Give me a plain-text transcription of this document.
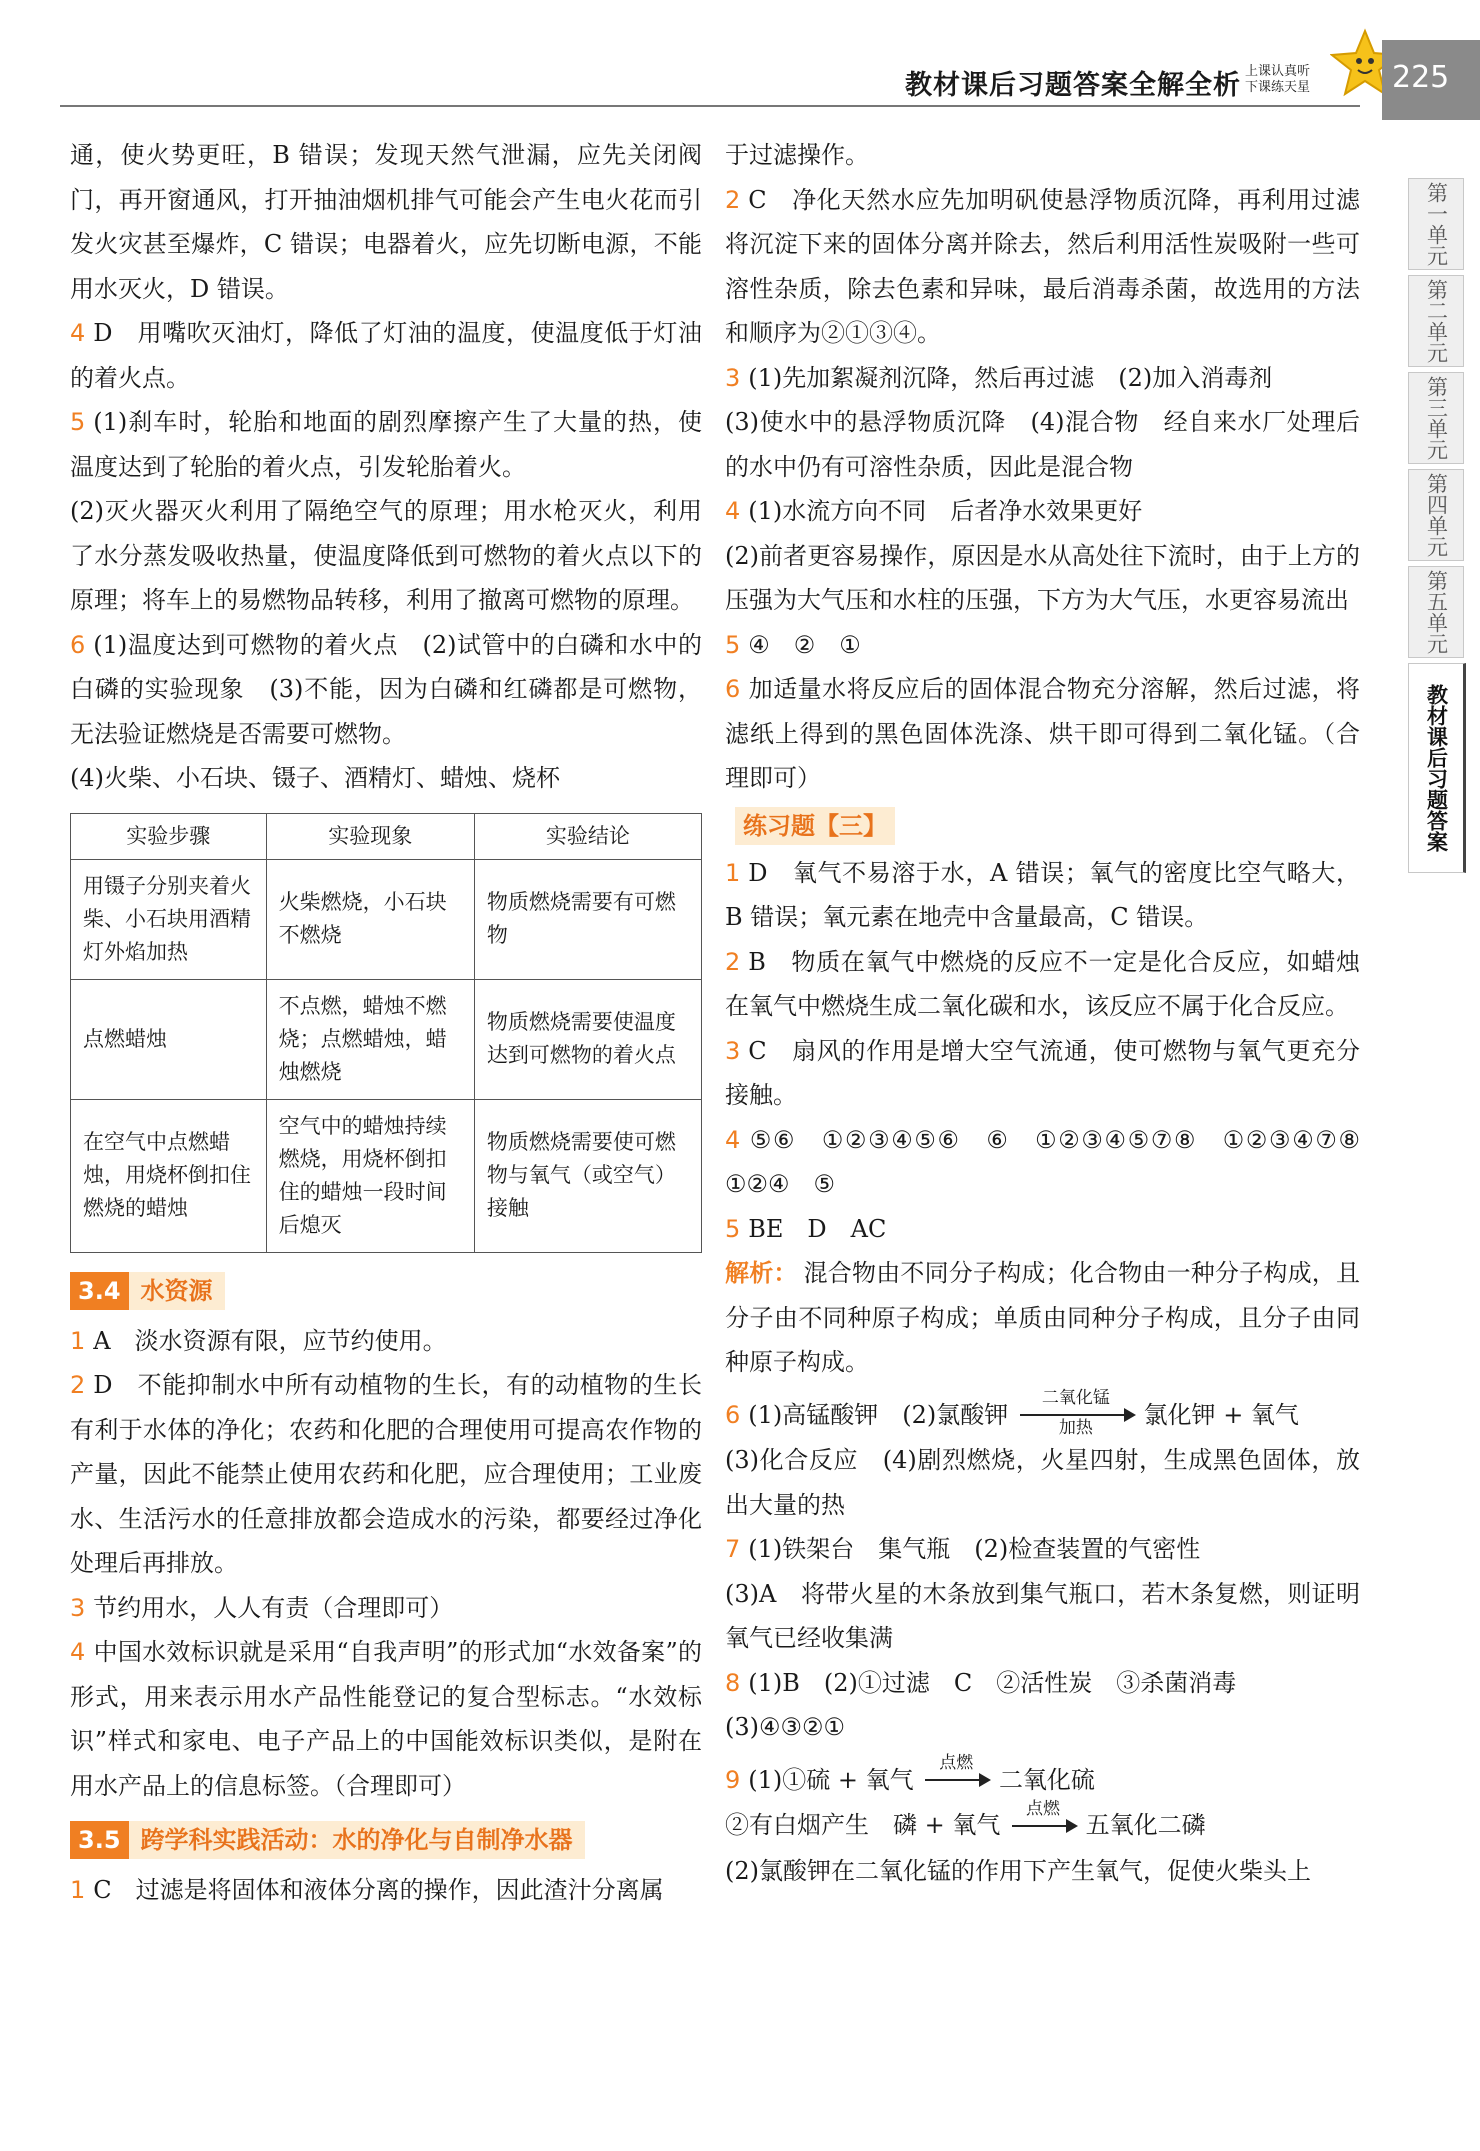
教材课后习题答案全解全析 上课认真听
下课练天星	225
第一单元
第二单元
第三单元
第四单元
第五单元
教材课后习题答案

通，使火势更旺，B 错误；发现天然气泄漏，应先关闭阀门，再开窗通风，打开抽油烟机排气可能会产生电火花而引发火灾甚至爆炸，C 错误；电器着火，应先切断电源，不能用水灭火，D 错误。

4 D　用嘴吹灭油灯，降低了灯油的温度，使温度低于灯油的着火点。

5 (1)刹车时，轮胎和地面的剧烈摩擦产生了大量的热，使温度达到了轮胎的着火点，引发轮胎着火。

(2)灭火器灭火利用了隔绝空气的原理；用水枪灭火，利用了水分蒸发吸收热量，使温度降低到可燃物的着火点以下的原理；将车上的易燃物品转移，利用了撤离可燃物的原理。

6 (1)温度达到可燃物的着火点　(2)试管中的白磷和水中的白磷的实验现象　(3)不能，因为白磷和红磷都是可燃物，无法验证燃烧是否需要可燃物。

(4)火柴、小石块、镊子、酒精灯、蜡烛、烧杯

实验步骤	实验现象	实验结论
用镊子分别夹着火柴、小石块用酒精灯外焰加热	火柴燃烧，小石块不燃烧	物质燃烧需要有可燃物
点燃蜡烛	不点燃，蜡烛不燃烧；点燃蜡烛，蜡烛燃烧	物质燃烧需要使温度达到可燃物的着火点
在空气中点燃蜡烛，用烧杯倒扣住燃烧的蜡烛	空气中的蜡烛持续燃烧，用烧杯倒扣住的蜡烛一段时间后熄灭	物质燃烧需要使可燃物与氧气（或空气）接触
3.4 水资源

1 A　淡水资源有限，应节约使用。

2 D　不能抑制水中所有动植物的生长，有的动植物的生长有利于水体的净化；农药和化肥的合理使用可提高农作物的产量，因此不能禁止使用农药和化肥，应合理使用；工业废水、生活污水的任意排放都会造成水的污染，都要经过净化处理后再排放。

3 节约用水，人人有责（合理即可）

4 中国水效标识就是采用“自我声明”的形式加“水效备案”的形式，用来表示用水产品性能登记的复合型标志。“水效标识”样式和家电、电子产品上的中国能效标识类似，是附在用水产品上的信息标签。（合理即可）

3.5 跨学科实践活动：水的净化与自制净水器

1 C　过滤是将固体和液体分离的操作，因此渣汁分离属

于过滤操作。

2 C　净化天然水应先加明矾使悬浮物质沉降，再利用过滤将沉淀下来的固体分离并除去，然后利用活性炭吸附一些可溶性杂质，除去色素和异味，最后消毒杀菌，故选用的方法和顺序为②①③④。

3 (1)先加絮凝剂沉降，然后再过滤　(2)加入消毒剂

(3)使水中的悬浮物质沉降　(4)混合物　经自来水厂处理后的水中仍有可溶性杂质，因此是混合物

4 (1)水流方向不同　后者净水效果更好

(2)前者更容易操作，原因是水从高处往下流时，由于上方的压强为大气压和水柱的压强，下方为大气压，水更容易流出

5 ④　②　①

6 加适量水将反应后的固体混合物充分溶解，然后过滤，将滤纸上得到的黑色固体洗涤、烘干即可得到二氧化锰。（合理即可）

练习题【三】

1 D　氧气不易溶于水，A 错误；氧气的密度比空气略大，B 错误；氧元素在地壳中含量最高，C 错误。

2 B　物质在氧气中燃烧的反应不一定是化合反应，如蜡烛在氧气中燃烧生成二氧化碳和水，该反应不属于化合反应。

3 C　扇风的作用是增大空气流通，使可燃物与氧气更充分接触。

4 ⑤⑥　①②③④⑤⑥　⑥　①②③④⑤⑦⑧　①②③④⑦⑧　①②④　⑤

5 BE　D　AC

解析： 混合物由不同分子构成；化合物由一种分子构成，且分子由不同种原子构成；单质由同种分子构成，且分子由同种原子构成。

6 (1)高锰酸钾　(2)氯酸钾
二氧化锰
加热	氯化钾 + 氧气

(3)化合反应　(4)剧烈燃烧，火星四射，生成黑色固体，放出大量的热

7 (1)铁架台　集气瓶　(2)检查装置的气密性

(3)A　将带火星的木条放到集气瓶口，若木条复燃，则证明氧气已经收集满

8 (1)B　(2)①过滤　C　②活性炭　③杀菌消毒

(3)④③②①

9 (1)①硫 + 氧气
点燃
二氧化硫

②有白烟产生　磷 + 氧气
点燃
五氧化二磷

(2)氯酸钾在二氧化锰的作用下产生氧气，促使火柴头上
